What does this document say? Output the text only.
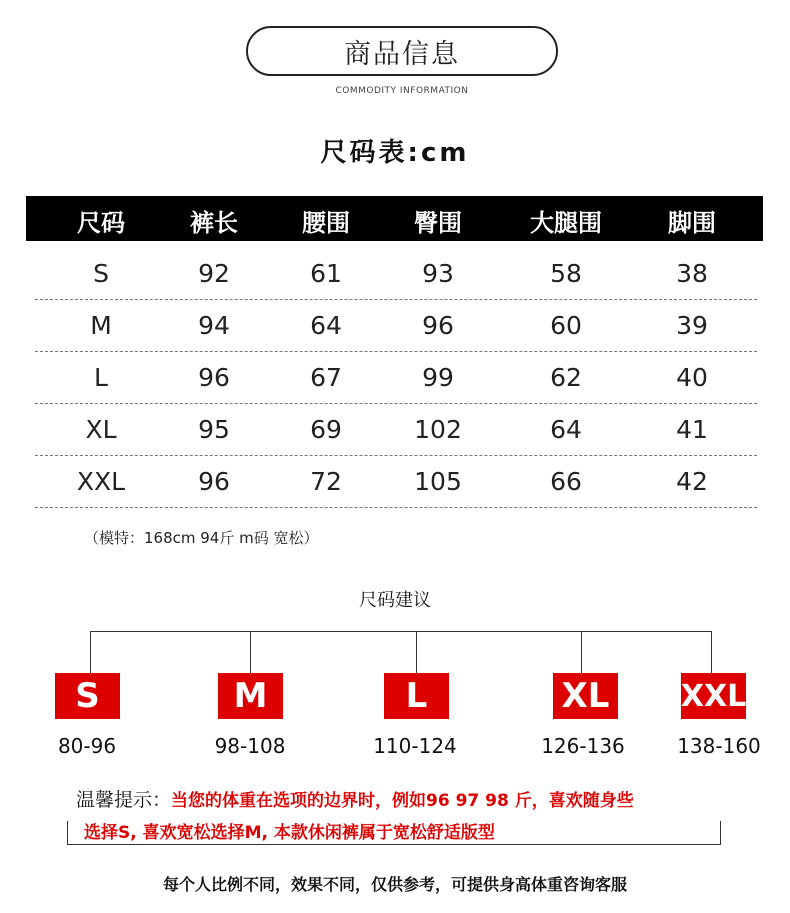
商品信息
COMMODITY INFORMATION
尺码表:cm
尺码	裤长	腰围	臀围	大腿围	脚围
S	92	61	93	58	38
M	94	64	96	60	39
L	96	67	99	62	40
XL	95	69	102	64	41
XXL	96	72	105	66	42
（模特：168cm 94斤 m码 宽松）
尺码建议
S	M	L	XL XXL
80-96	98-108	110-124	126-136	138-160
温馨提示：当您的体重在选项的边界时，例如96 97 98 斤，喜欢随身些
选择S, 喜欢宽松选择M, 本款休闲裤属于宽松舒适版型
每个人比例不同，效果不同，仅供参考，可提供身高体重咨询客服
